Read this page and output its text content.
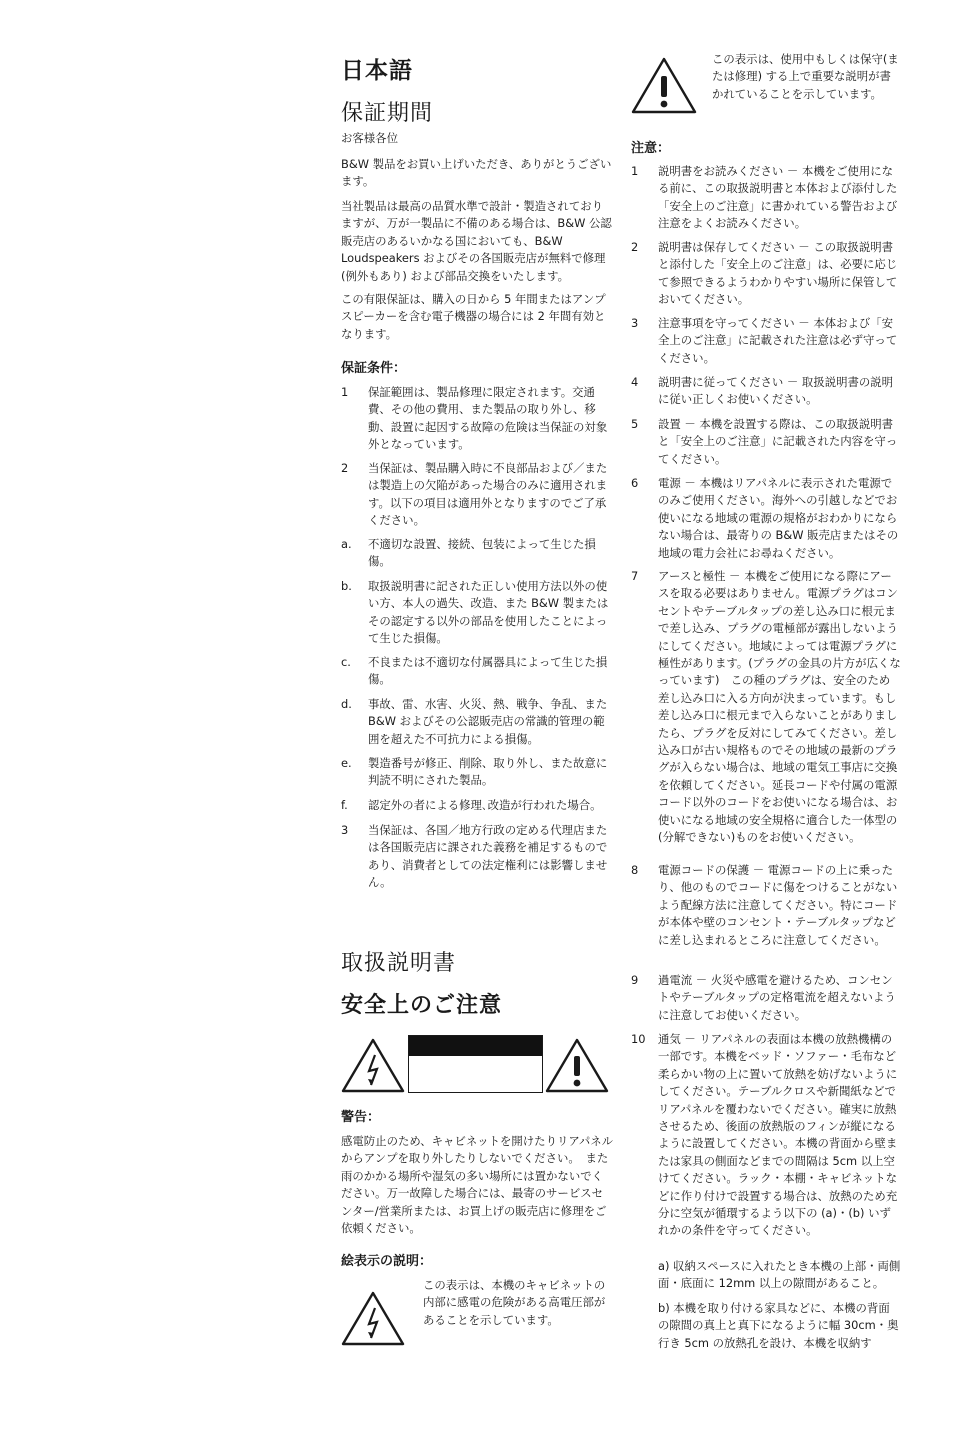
日本語
保証期間
お客様各位
B&W 製品をお買い上げいただき、ありがとうございます。
当社製品は最高の品質水準で設計・製造されておりますが、万が一製品に不備のある場合は、B&W 公認販売店のあるいかなる国においても、B&W Loudspeakers およびその各国販売店が無料で修理(例外もあり) および部品交換をいたします。
この有限保証は、購入の日から 5 年間またはアンプスピーカーを含む電子機器の場合には 2 年間有効となります。
保証条件：
1	保証範囲は、製品修理に限定されます。交通費、その他の費用、また製品の取り外し、移動、設置に起因する故障の危険は当保証の対象外となっています。
2	当保証は、製品購入時に不良部品および／または製造上の欠陥があった場合のみに適用されます。以下の項目は適用外となりますのでご了承ください。
a.	不適切な設置、接続、包装によって生じた損傷。
b.	取扱説明書に記された正しい使用方法以外の使い方、本人の過失、改造、また B&W 製またはその認定する以外の部品を使用したことによって生じた損傷。
c.	不良または不適切な付属器具によって生じた損傷。
d.	事故、雷、水害、火災、熱、戦争、争乱、また B&W およびその公認販売店の常識的管理の範囲を超えた不可抗力による損傷。
e.	製造番号が修正、削除、取り外し、また故意に判読不明にされた製品。
f.	認定外の者による修理､改造が行われた場合。
3	当保証は、各国／地方行政の定める代理店または各国販売店に課された義務を補足するものであり、消費者としての法定権利には影響しません。
取扱説明書
安全上のご注意
警告：
感電防止のため、キャビネットを開けたりリアパネルからアンプを取り外したりしないでください。　また雨のかかる場所や湿気の多い場所には置かないでください。万一故障した場合には、最寄のサービスセンター/営業所または、お買上げの販売店に修理をご依頼ください。
絵表示の説明：
この表示は、本機のキャビネットの内部に感電の危険がある高電圧部があることを示しています。
この表示は、使用中もしくは保守(または修理) する上で重要な説明が書かれていることを示しています。
注意：
1	説明書をお読みください － 本機をご使用になる前に、この取扱説明書と本体および添付した「安全上のご注意」に書かれている警告および注意をよくお読みください。
2	説明書は保存してください － この取扱説明書と添付した「安全上のご注意」は、必要に応じて参照できるようわかりやすい場所に保管しておいてください。
3	注意事項を守ってください － 本体および「安全上のご注意」に記載された注意は必ず守ってください。
4	説明書に従ってください － 取扱説明書の説明に従い正しくお使いください。
5	設置 － 本機を設置する際は、この取扱説明書と「安全上のご注意」に記載された内容を守ってください。
6	電源 － 本機はリアパネルに表示された電源でのみご使用ください。海外への引越しなどでお使いになる地域の電源の規格がおわかりにならない場合は、最寄りの B&W 販売店またはその地域の電力会社にお尋ねください。
7	アースと極性 － 本機をご使用になる際にアースを取る必要はありません。電源プラグはコンセントやテーブルタップの差し込み口に根元まで差し込み、プラグの電極部が露出しないようにしてください。地域によっては電源プラグに極性があります。(プラグの金具の片方が広くなっています)　この種のプラグは、安全のため差し込み口に入る方向が決まっています。もし差し込み口に根元まで入らないことがありましたら、プラグを反対にしてみてください。差し込み口が古い規格ものでその地域の最新のプラグが入らない場合は、地域の電気工事店に交換を依頼してください。延長コードや付属の電源コード以外のコードをお使いになる場合は、お使いになる地域の安全規格に適合した一体型の(分解できない)ものをお使いください。
8	電源コードの保護 － 電源コードの上に乗ったり、他のものでコードに傷をつけることがないよう配線方法に注意してください。特にコードが本体や壁のコンセント・テーブルタップなどに差し込まれるところに注意してください。
9	過電流 － 火災や感電を避けるため、コンセントやテーブルタップの定格電流を超えないように注意してお使いください。
10	通気 － リアパネルの表面は本機の放熱機構の一部です。本機をベッド・ソファー・毛布など柔らかい物の上に置いて放熱を妨げないようにしてください。テーブルクロスや新聞紙などでリアパネルを覆わないでください。確実に放熱させるため、後面の放熱版のフィンが縦になるように設置してください。本機の背面から壁または家具の側面などまでの間隔は 5cm 以上空けてください。ラック・本棚・キャビネットなどに作り付けで設置する場合は、放熱のため充分に空気が循環するよう以下の (a)・(b) いずれかの条件を守ってください。
a) 収納スペースに入れたとき本機の上部・両側面・底面に 12mm 以上の隙間があること。
b) 本機を取り付ける家具などに、本機の背面の隙間の真上と真下になるように幅 30cm・奥行き 5cm の放熱孔を設け、本機を収納す
